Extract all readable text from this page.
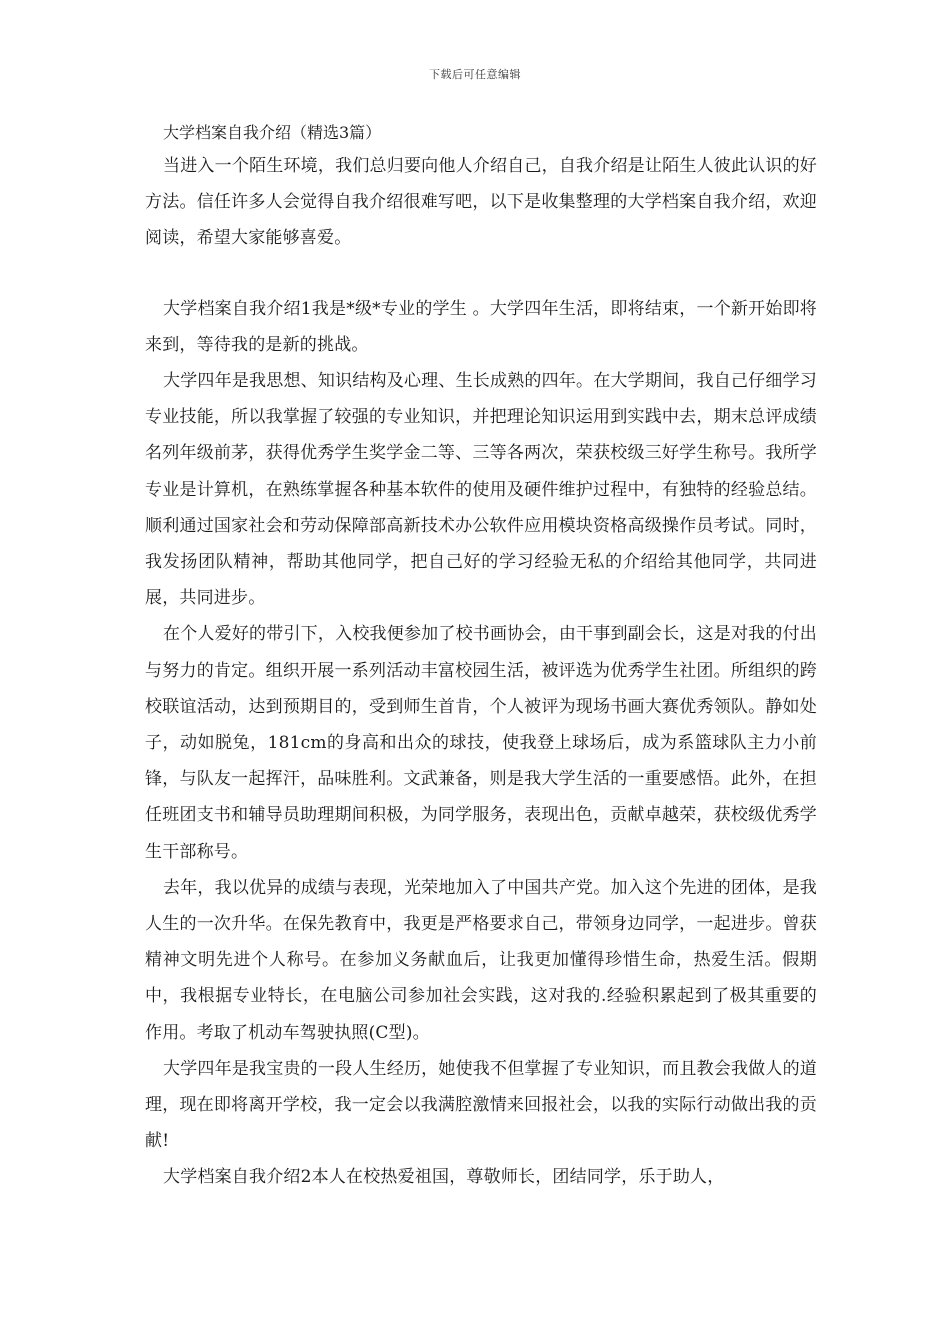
下载后可任意编辑

大学档案自我介绍（精选3篇）

当进入一个陌生环境，我们总归要向他人介绍自己，自我介绍是让陌生人彼此认识的好方法。信任许多人会觉得自我介绍很难写吧，以下是收集整理的大学档案自我介绍，欢迎阅读，希望大家能够喜爱。

大学档案自我介绍1我是*级*专业的学生 。大学四年生活，即将结束，一个新开始即将来到，等待我的是新的挑战。

大学四年是我思想、知识结构及心理、生长成熟的四年。在大学期间，我自己仔细学习专业技能，所以我掌握了较强的专业知识，并把理论知识运用到实践中去，期末总评成绩名列年级前茅，获得优秀学生奖学金二等、三等各两次，荣获校级三好学生称号。我所学专业是计算机，在熟练掌握各种基本软件的使用及硬件维护过程中，有独特的经验总结。顺利通过国家社会和劳动保障部高新技术办公软件应用模块资格高级操作员考试。同时，我发扬团队精神，帮助其他同学，把自己好的学习经验无私的介绍给其他同学，共同进展，共同进步。

在个人爱好的带引下，入校我便参加了校书画协会，由干事到副会长，这是对我的付出与努力的肯定。组织开展一系列活动丰富校园生活，被评选为优秀学生社团。所组织的跨校联谊活动，达到预期目的，受到师生首肯，个人被评为现场书画大赛优秀领队。静如处子，动如脱兔，181cm的身高和出众的球技，使我登上球场后，成为系篮球队主力小前锋，与队友一起挥汗，品味胜利。文武兼备，则是我大学生活的一重要感悟。此外，在担任班团支书和辅导员助理期间积极，为同学服务，表现出色，贡献卓越荣，获校级优秀学生干部称号。

去年，我以优异的成绩与表现，光荣地加入了中国共产党。加入这个先进的团体，是我人生的一次升华。在保先教育中，我更是严格要求自己，带领身边同学，一起进步。曾获精神文明先进个人称号。在参加义务献血后，让我更加懂得珍惜生命，热爱生活。假期中，我根据专业特长，在电脑公司参加社会实践，这对我的.经验积累起到了极其重要的作用。考取了机动车驾驶执照(C型)。

大学四年是我宝贵的一段人生经历，她使我不但掌握了专业知识，而且教会我做人的道理，现在即将离开学校，我一定会以我满腔激情来回报社会，以我的实际行动做出我的贡献!

大学档案自我介绍2本人在校热爱祖国，尊敬师长，团结同学，乐于助人，
